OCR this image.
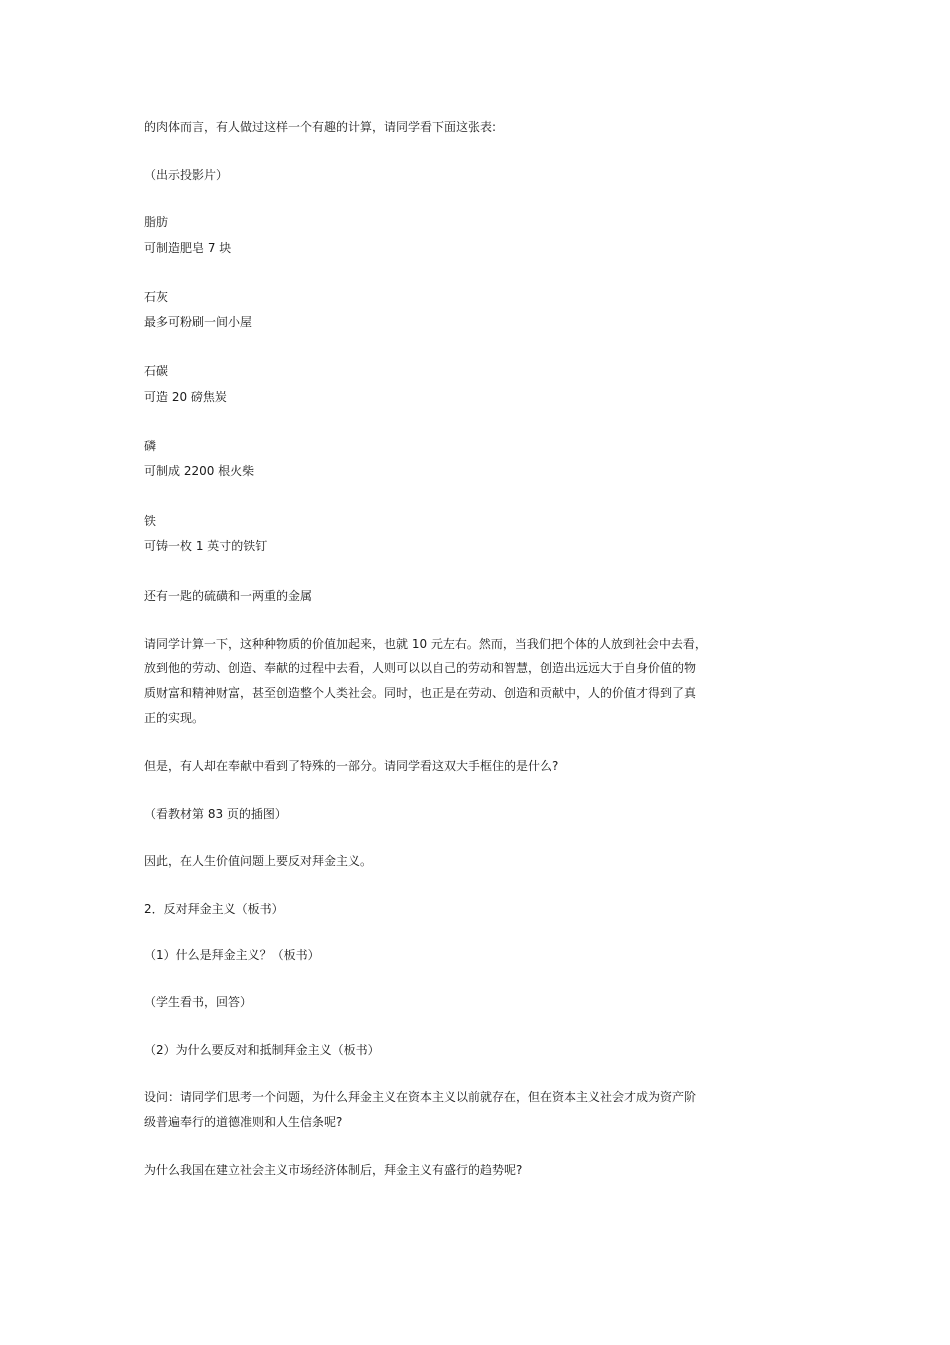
的肉体而言，有人做过这样一个有趣的计算，请同学看下面这张表:
（出示投影片）
脂肪
可制造肥皂 7 块
石灰
最多可粉刷一间小屋
石碳
可造 20 磅焦炭
磷
可制成 2200 根火柴
铁
可铸一枚 1 英寸的铁钉
还有一匙的硫磺和一两重的金属
请同学计算一下，这种种物质的价值加起来，也就 10 元左右。然而，当我们把个体的人放到社会中去看，
放到他的劳动、创造、奉献的过程中去看，人则可以以自己的劳动和智慧，创造出远远大于自身价值的物
质财富和精神财富，甚至创造整个人类社会。同时，也正是在劳动、创造和贡献中，人的价值才得到了真
正的实现。
但是，有人却在奉献中看到了特殊的一部分。请同学看这双大手框住的是什么?
（看教材第 83 页的插图）
因此，在人生价值问题上要反对拜金主义。
2．反对拜金主义（板书）
（1）什么是拜金主义？（板书）
（学生看书，回答）
（2）为什么要反对和抵制拜金主义（板书）
设问：请同学们思考一个问题，为什么拜金主义在资本主义以前就存在，但在资本主义社会才成为资产阶
级普遍奉行的道德准则和人生信条呢?
为什么我国在建立社会主义市场经济体制后，拜金主义有盛行的趋势呢?
